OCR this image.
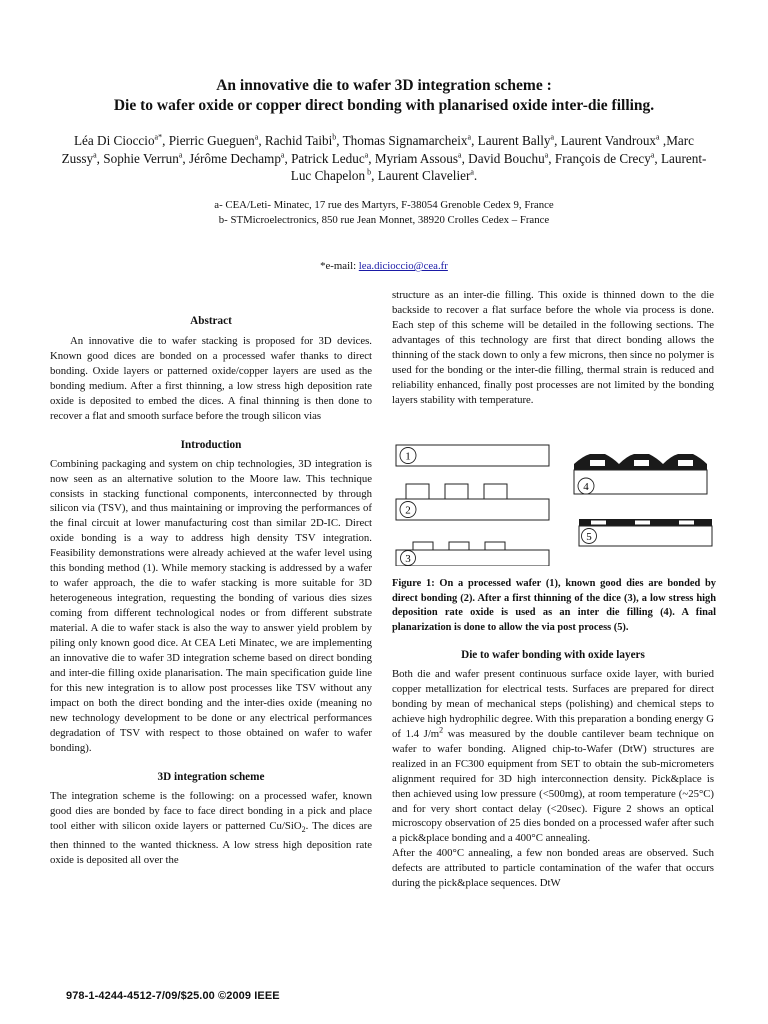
An innovative die to wafer 3D integration scheme :
Die to wafer oxide or copper direct bonding with planarised oxide inter-die filling.
Léa Di Cioccio$^{a*}$, Pierric Gueguen$^a$, Rachid Taibi$^b$, Thomas Signamarcheix$^a$, Laurent Bally$^a$, Laurent Vandroux$^a$ ,Marc Zussy$^a$, Sophie Verrun$^a$, Jérôme Dechamp$^a$, Patrick Leduc$^a$, Myriam Assous$^a$, David Bouchu$^a$, François de Crecy$^a$, Laurent-Luc Chapelon $^b$, Laurent Clavelier$^a$.
a- CEA/Leti- Minatec, 17 rue des Martyrs, F-38054 Grenoble Cedex 9, France
b- STMicroelectronics, 850 rue Jean Monnet, 38920 Crolles Cedex – France
*e-mail: lea.dicioccio@cea.fr

Abstract

An innovative die to wafer stacking is proposed for 3D devices. Known good dices are bonded on a processed wafer thanks to direct bonding. Oxide layers or patterned oxide/copper layers are used as the bonding medium. After a first thinning, a low stress high deposition rate oxide is deposited to embed the dices. A final thinning is then done to recover a flat and smooth surface before the trough silicon vias

Introduction

Combining packaging and system on chip technologies, 3D integration is now seen as an alternative solution to the Moore law. This technique consists in stacking functional components, interconnected by through silicon via (TSV), and thus maintaining or improving the performances of the final circuit at lower manufacturing cost than similar 2D-IC. Direct oxide bonding is a way to address high density TSV integration. Feasibility demonstrations were already achieved at the wafer level using this bonding method (1). While memory stacking is addressed by a wafer to wafer approach, the die to wafer stacking is more suitable for 3D heterogeneous integration, requesting the bonding of various dies sizes coming from different technological nodes or from different substrate material. A die to wafer stack is also the way to answer yield problem by piling only known good dice. At CEA Leti Minatec, we are implementing an innovative die to wafer 3D integration scheme based on direct bonding and inter-die filling oxide planarisation. The main specification guide line for this new integration is to allow post processes like TSV without any impact on both the direct bonding and the inter-dies oxide (meaning no new technology development to be done or any electrical performances degradation of TSV with respect to those obtained on wafer to wafer bonding).

3D integration scheme

The integration scheme is the following: on a processed wafer, known good dies are bonded by face to face direct bonding in a pick and place tool either with silicon oxide layers or patterned Cu/SiO$_2$. The dices are then thinned to the wanted thickness. A low stress high deposition rate oxide is deposited all over the

structure as an inter-die filling. This oxide is thinned down to the die backside to recover a flat surface before the whole via process is done. Each step of this scheme will be detailed in the following sections. The advantages of this technology are first that direct bonding allows the thinning of the stack down to only a few microns, then since no polymer is used for the bonding or the inter-die filling, thermal strain is reduced and reliability enhanced, finally post processes are not limited by the bonding layers stability with temperature.

1
2
3
4
5
Figure 1: On a processed wafer (1), known good dies are bonded by direct bonding (2). After a first thinning of the dice (3), a low stress high deposition rate oxide is used as an inter die filling (4). A final planarization is done to allow the via post process (5).

Die to wafer bonding with oxide layers

Both die and wafer present continuous surface oxide layer, with buried copper metallization for electrical tests. Surfaces are prepared for direct bonding by mean of mechanical steps (polishing) and chemical steps to achieve high hydrophilic degree. With this preparation a bonding energy G of 1.4 $J/m^2$ was measured by the double cantilever beam technique on wafer to wafer bonding. Aligned chip-to-Wafer (DtW) structures are realized in an FC300 equipment from SET to obtain the sub-micrometers alignment required for 3D high interconnection density. Pick&place is then achieved using low pressure (<500mg), at room temperature (~25°C) and for very short contact delay (<20sec). Figure 2 shows an optical microscopy observation of 25 dies bonded on a processed wafer after such a pick&place bonding and a 400°C annealing.

After the 400°C annealing, a few non bonded areas are observed. Such defects are attributed to particle contamination of the wafer that occurs during the pick&place sequences. DtW

978-1-4244-4512-7/09/$25.00 ©2009 IEEE
